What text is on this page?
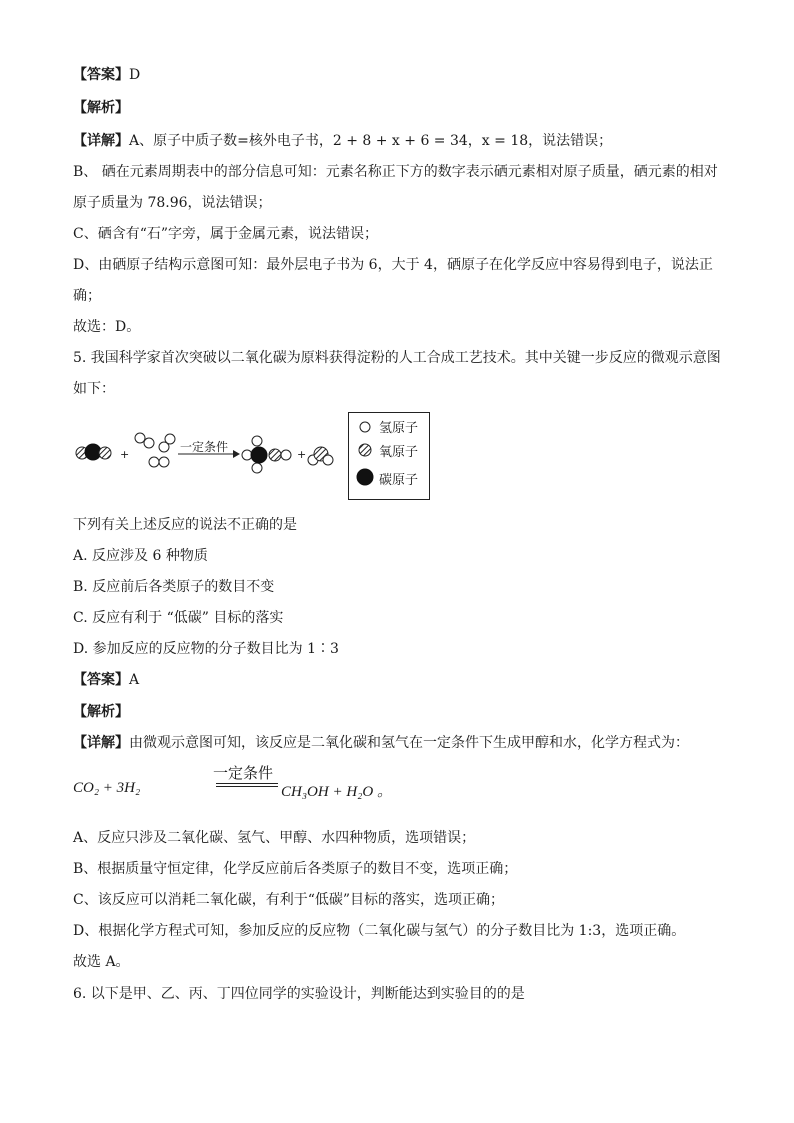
【答案】D
【解析】
【详解】A、原子中质子数=核外电子书，2 + 8 + x + 6 = 34，x = 18，说法错误；
B、 硒在元素周期表中的部分信息可知：元素名称正下方的数字表示硒元素相对原子质量，硒元素的相对
原子质量为 78.96，说法错误；
C、硒含有“石”字旁，属于金属元素，说法错误；
D、由硒原子结构示意图可知：最外层电子书为 6，大于 4，硒原子在化学反应中容易得到电子，说法正
确；
故选：D。
5. 我国科学家首次突破以二氧化碳为原料获得淀粉的人工合成工艺技术。其中关键一步反应的微观示意图
如下：
+	+
一定条件
氢原子
氧原子
碳原子
下列有关上述反应的说法不正确的是
A. 反应涉及 6 种物质
B. 反应前后各类原子的数目不变
C. 反应有利于 “低碳” 目标的落实
D. 参加反应的反应物的分子数目比为 1∶3
【答案】A
【解析】
【详解】由微观示意图可知，该反应是二氧化碳和氢气在一定条件下生成甲醇和水，化学方程式为：
CO₂ + 3H₂
一定条件
CH₃OH + H₂O 。
A、反应只涉及二氧化碳、氢气、甲醇、水四种物质，选项错误；
B、根据质量守恒定律，化学反应前后各类原子的数目不变，选项正确；
C、该反应可以消耗二氧化碳，有利于“低碳”目标的落实，选项正确；
D、根据化学方程式可知，参加反应的反应物（二氧化碳与氢气）的分子数目比为 1:3，选项正确。
故选 A。
6. 以下是甲、乙、丙、丁四位同学的实验设计，判断能达到实验目的的是
